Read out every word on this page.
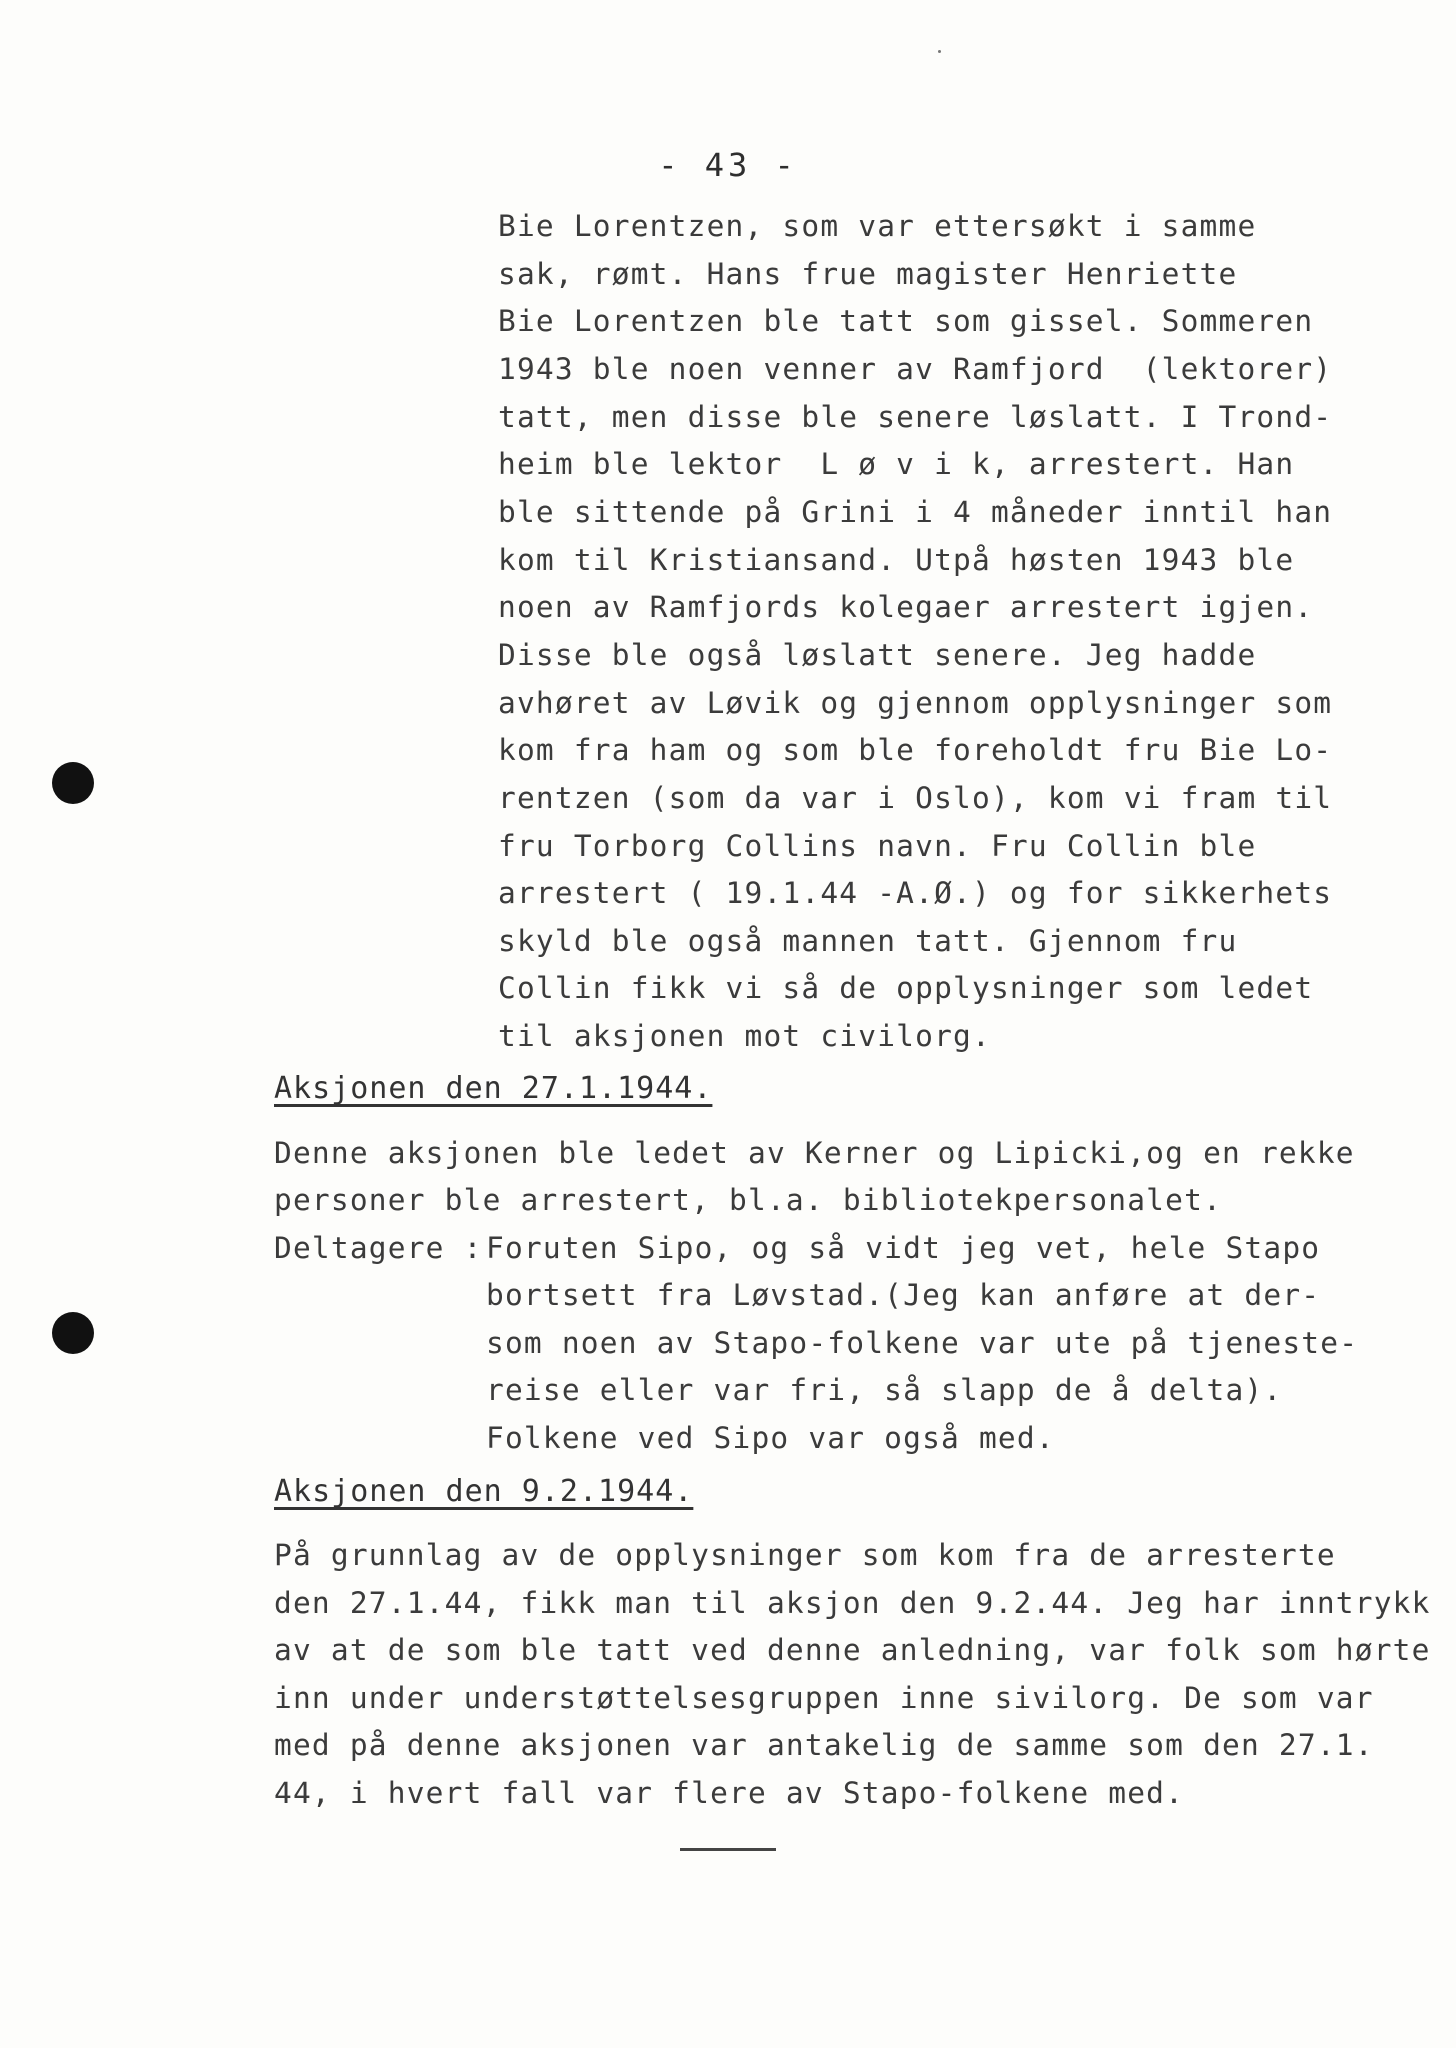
- 43 -
Bie Lorentzen, som var ettersøkt i samme
sak, rømt. Hans frue magister Henriette
Bie Lorentzen ble tatt som gissel. Sommeren
1943 ble noen venner av Ramfjord  (lektorer)
tatt, men disse ble senere løslatt. I Trond-
heim ble lektor  L ø v i k, arrestert. Han
ble sittende på Grini i 4 måneder inntil han
kom til Kristiansand. Utpå høsten 1943 ble
noen av Ramfjords kolegaer arrestert igjen.
Disse ble også løslatt senere. Jeg hadde
avhøret av Løvik og gjennom opplysninger som
kom fra ham og som ble foreholdt fru Bie Lo-
rentzen (som da var i Oslo), kom vi fram til
fru Torborg Collins navn. Fru Collin ble
arrestert ( 19.1.44 -A.Ø.) og for sikkerhets
skyld ble også mannen tatt. Gjennom fru
Collin fikk vi så de opplysninger som ledet
til aksjonen mot civilorg.
Aksjonen den 27.1.1944.
Denne aksjonen ble ledet av Kerner og Lipicki,og en rekke
personer ble arrestert, bl.a. bibliotekpersonalet.
Deltagere : Foruten Sipo, og så vidt jeg vet, hele Stapo
bortsett fra Løvstad.(Jeg kan anføre at der-
som noen av Stapo-folkene var ute på tjeneste-
reise eller var fri, så slapp de å delta).
Folkene ved Sipo var også med.
Aksjonen den 9.2.1944.
På grunnlag av de opplysninger som kom fra de arresterte
den 27.1.44, fikk man til aksjon den 9.2.44. Jeg har inntrykk
av at de som ble tatt ved denne anledning, var folk som hørte
inn under understøttelsesgruppen inne sivilorg. De som var
med på denne aksjonen var antakelig de samme som den 27.1.
44, i hvert fall var flere av Stapo-folkene med.
